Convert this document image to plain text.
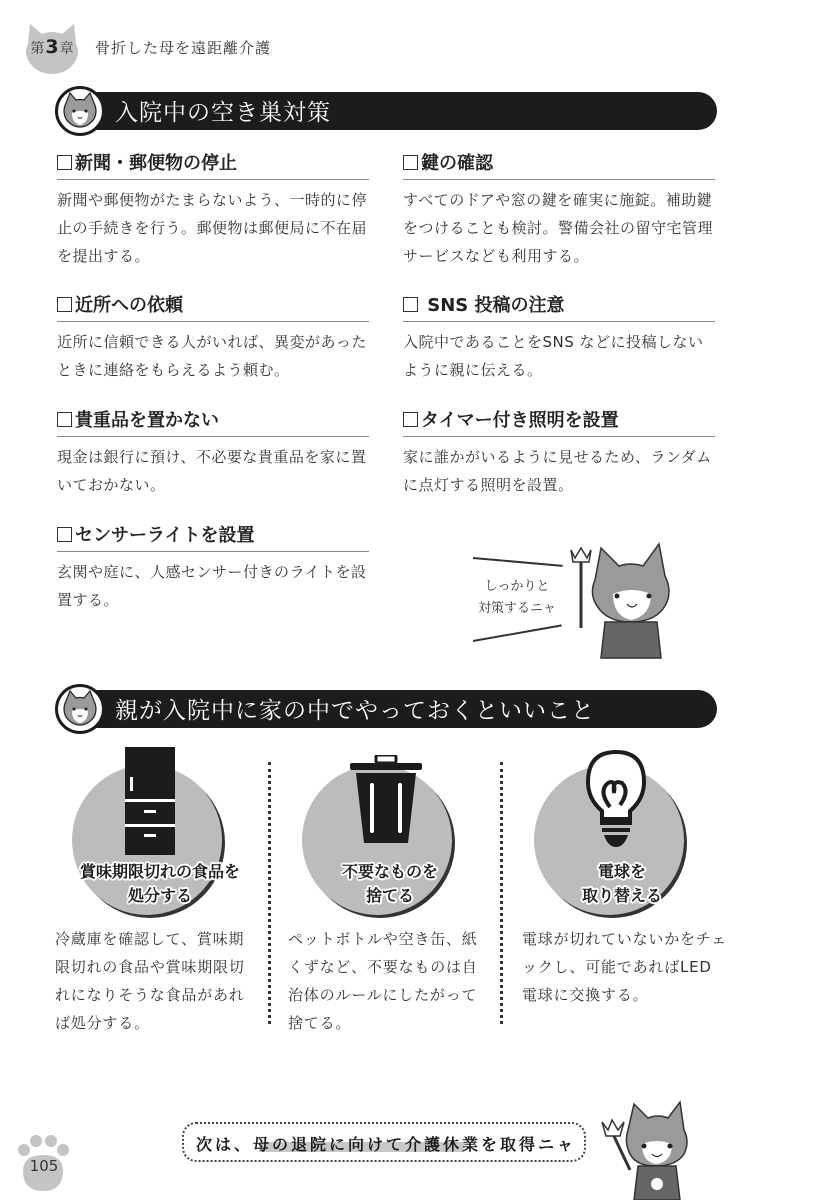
第3章	骨折した母を遠距離介護
入院中の空き巣対策
新聞・郵便物の停止
新聞や郵便物がたまらないよう、一時的に停止の手続きを行う。郵便物は郵便局に不在届を提出する。
鍵の確認
すべてのドアや窓の鍵を確実に施錠。補助鍵をつけることも検討。警備会社の留守宅管理サービスなども利用する。
近所への依頼
近所に信頼できる人がいれば、異変があったときに連絡をもらえるよう頼む。
SNS 投稿の注意
入院中であることをSNS などに投稿しないように親に伝える。
貴重品を置かない
現金は銀行に預け、不必要な貴重品を家に置いておかない。
タイマー付き照明を設置
家に誰かがいるように見せるため、ランダムに点灯する照明を設置。
センサーライトを設置
玄関や庭に、人感センサー付きのライトを設置する。
しっかりと
対策するニャ
親が入院中に家の中でやっておくといいこと
賞味期限切れの食品を
処分する
冷蔵庫を確認して、賞味期限切れの食品や賞味期限切れになりそうな食品があれば処分する。
不要なものを
捨てる
ペットボトルや空き缶、紙くずなど、不要なものは自治体のルールにしたがって捨てる。
電球を
取り替える
電球が切れていないかをチェックし、可能であればLED電球に交換する。
105
次は、母の退院に向けて介護休業を取得ニャ
